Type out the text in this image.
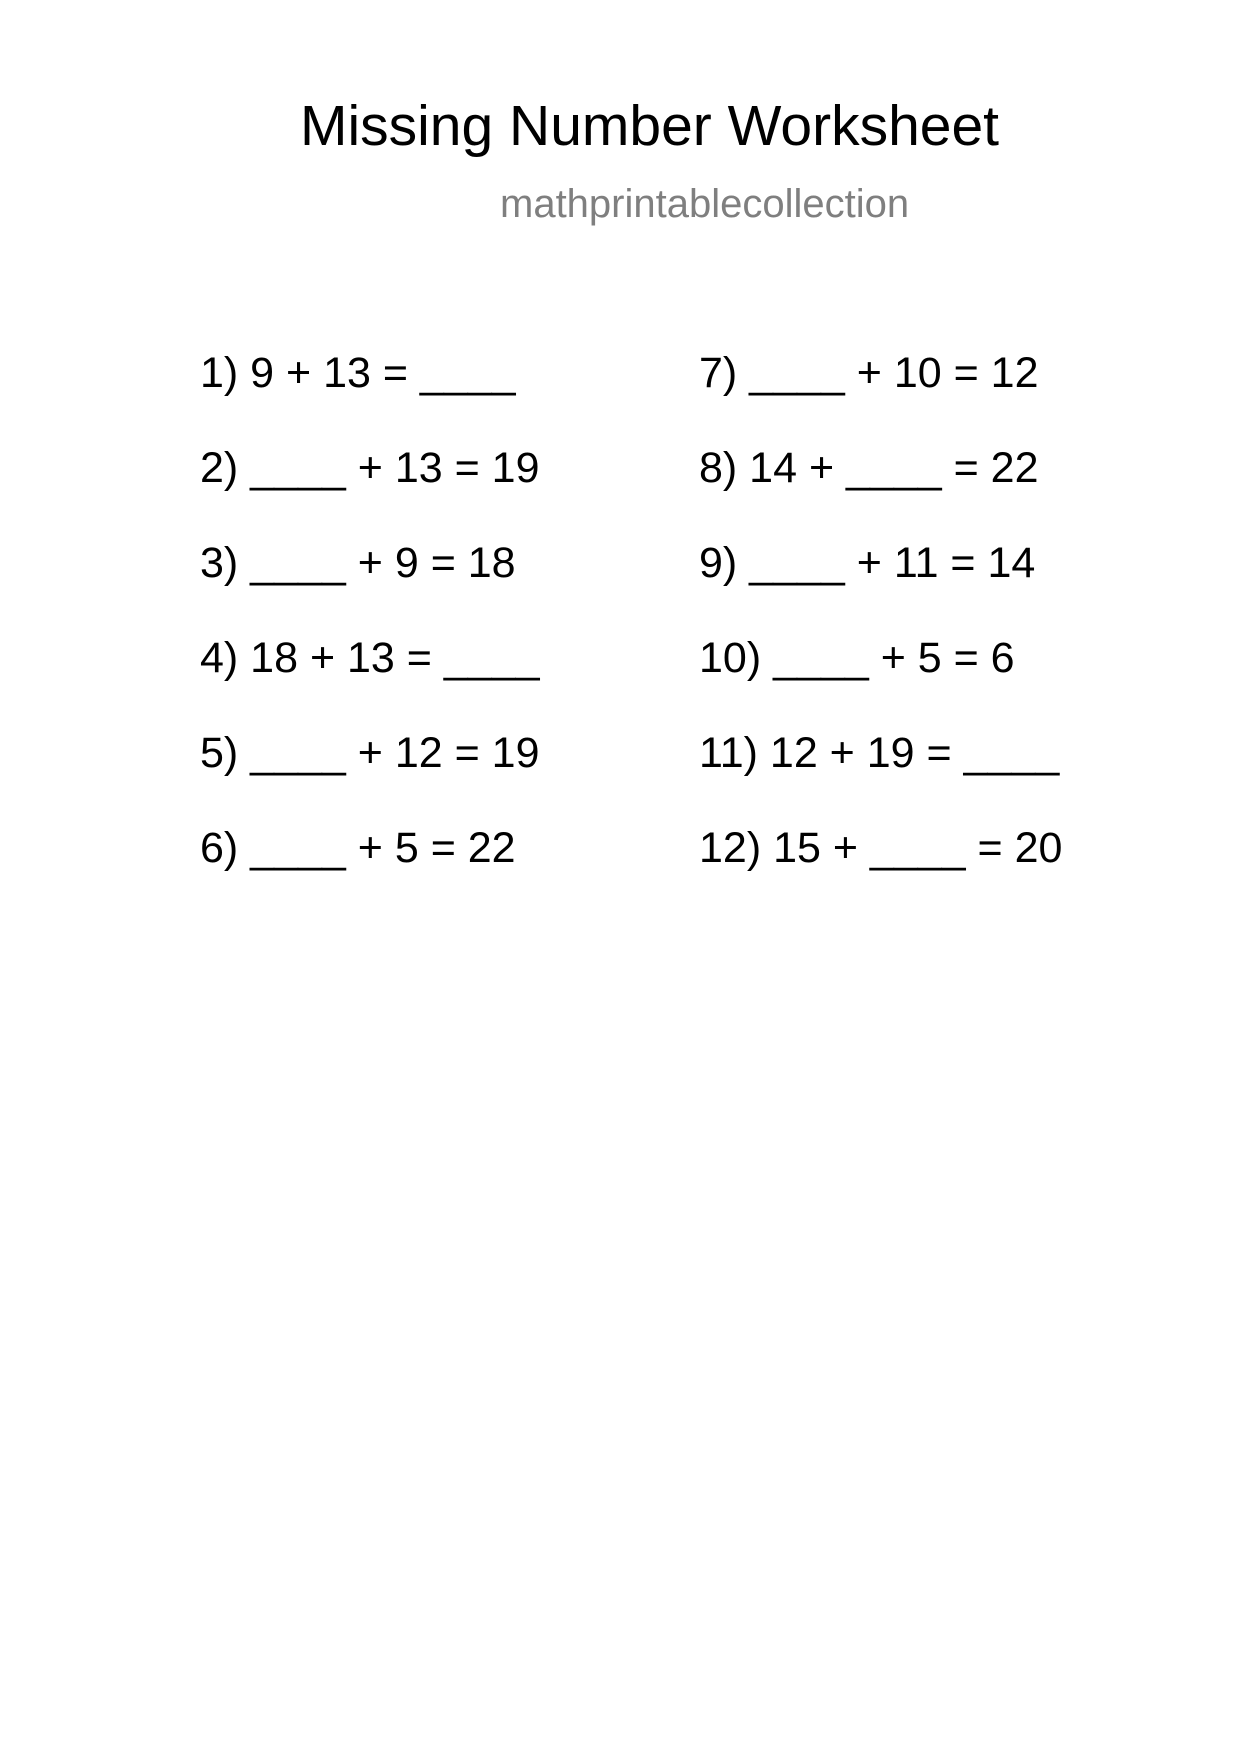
Missing Number Worksheet
mathprintablecollection
1) 9 + 13 = ____
2) ____ + 13 = 19
3) ____ + 9 = 18
4) 18 + 13 = ____
5) ____ + 12 = 19
6) ____ + 5 = 22
7) ____ + 10 = 12
8) 14 + ____ = 22
9) ____ + 11 = 14
10) ____ + 5 = 6
11) 12 + 19 = ____
12) 15 + ____ = 20
